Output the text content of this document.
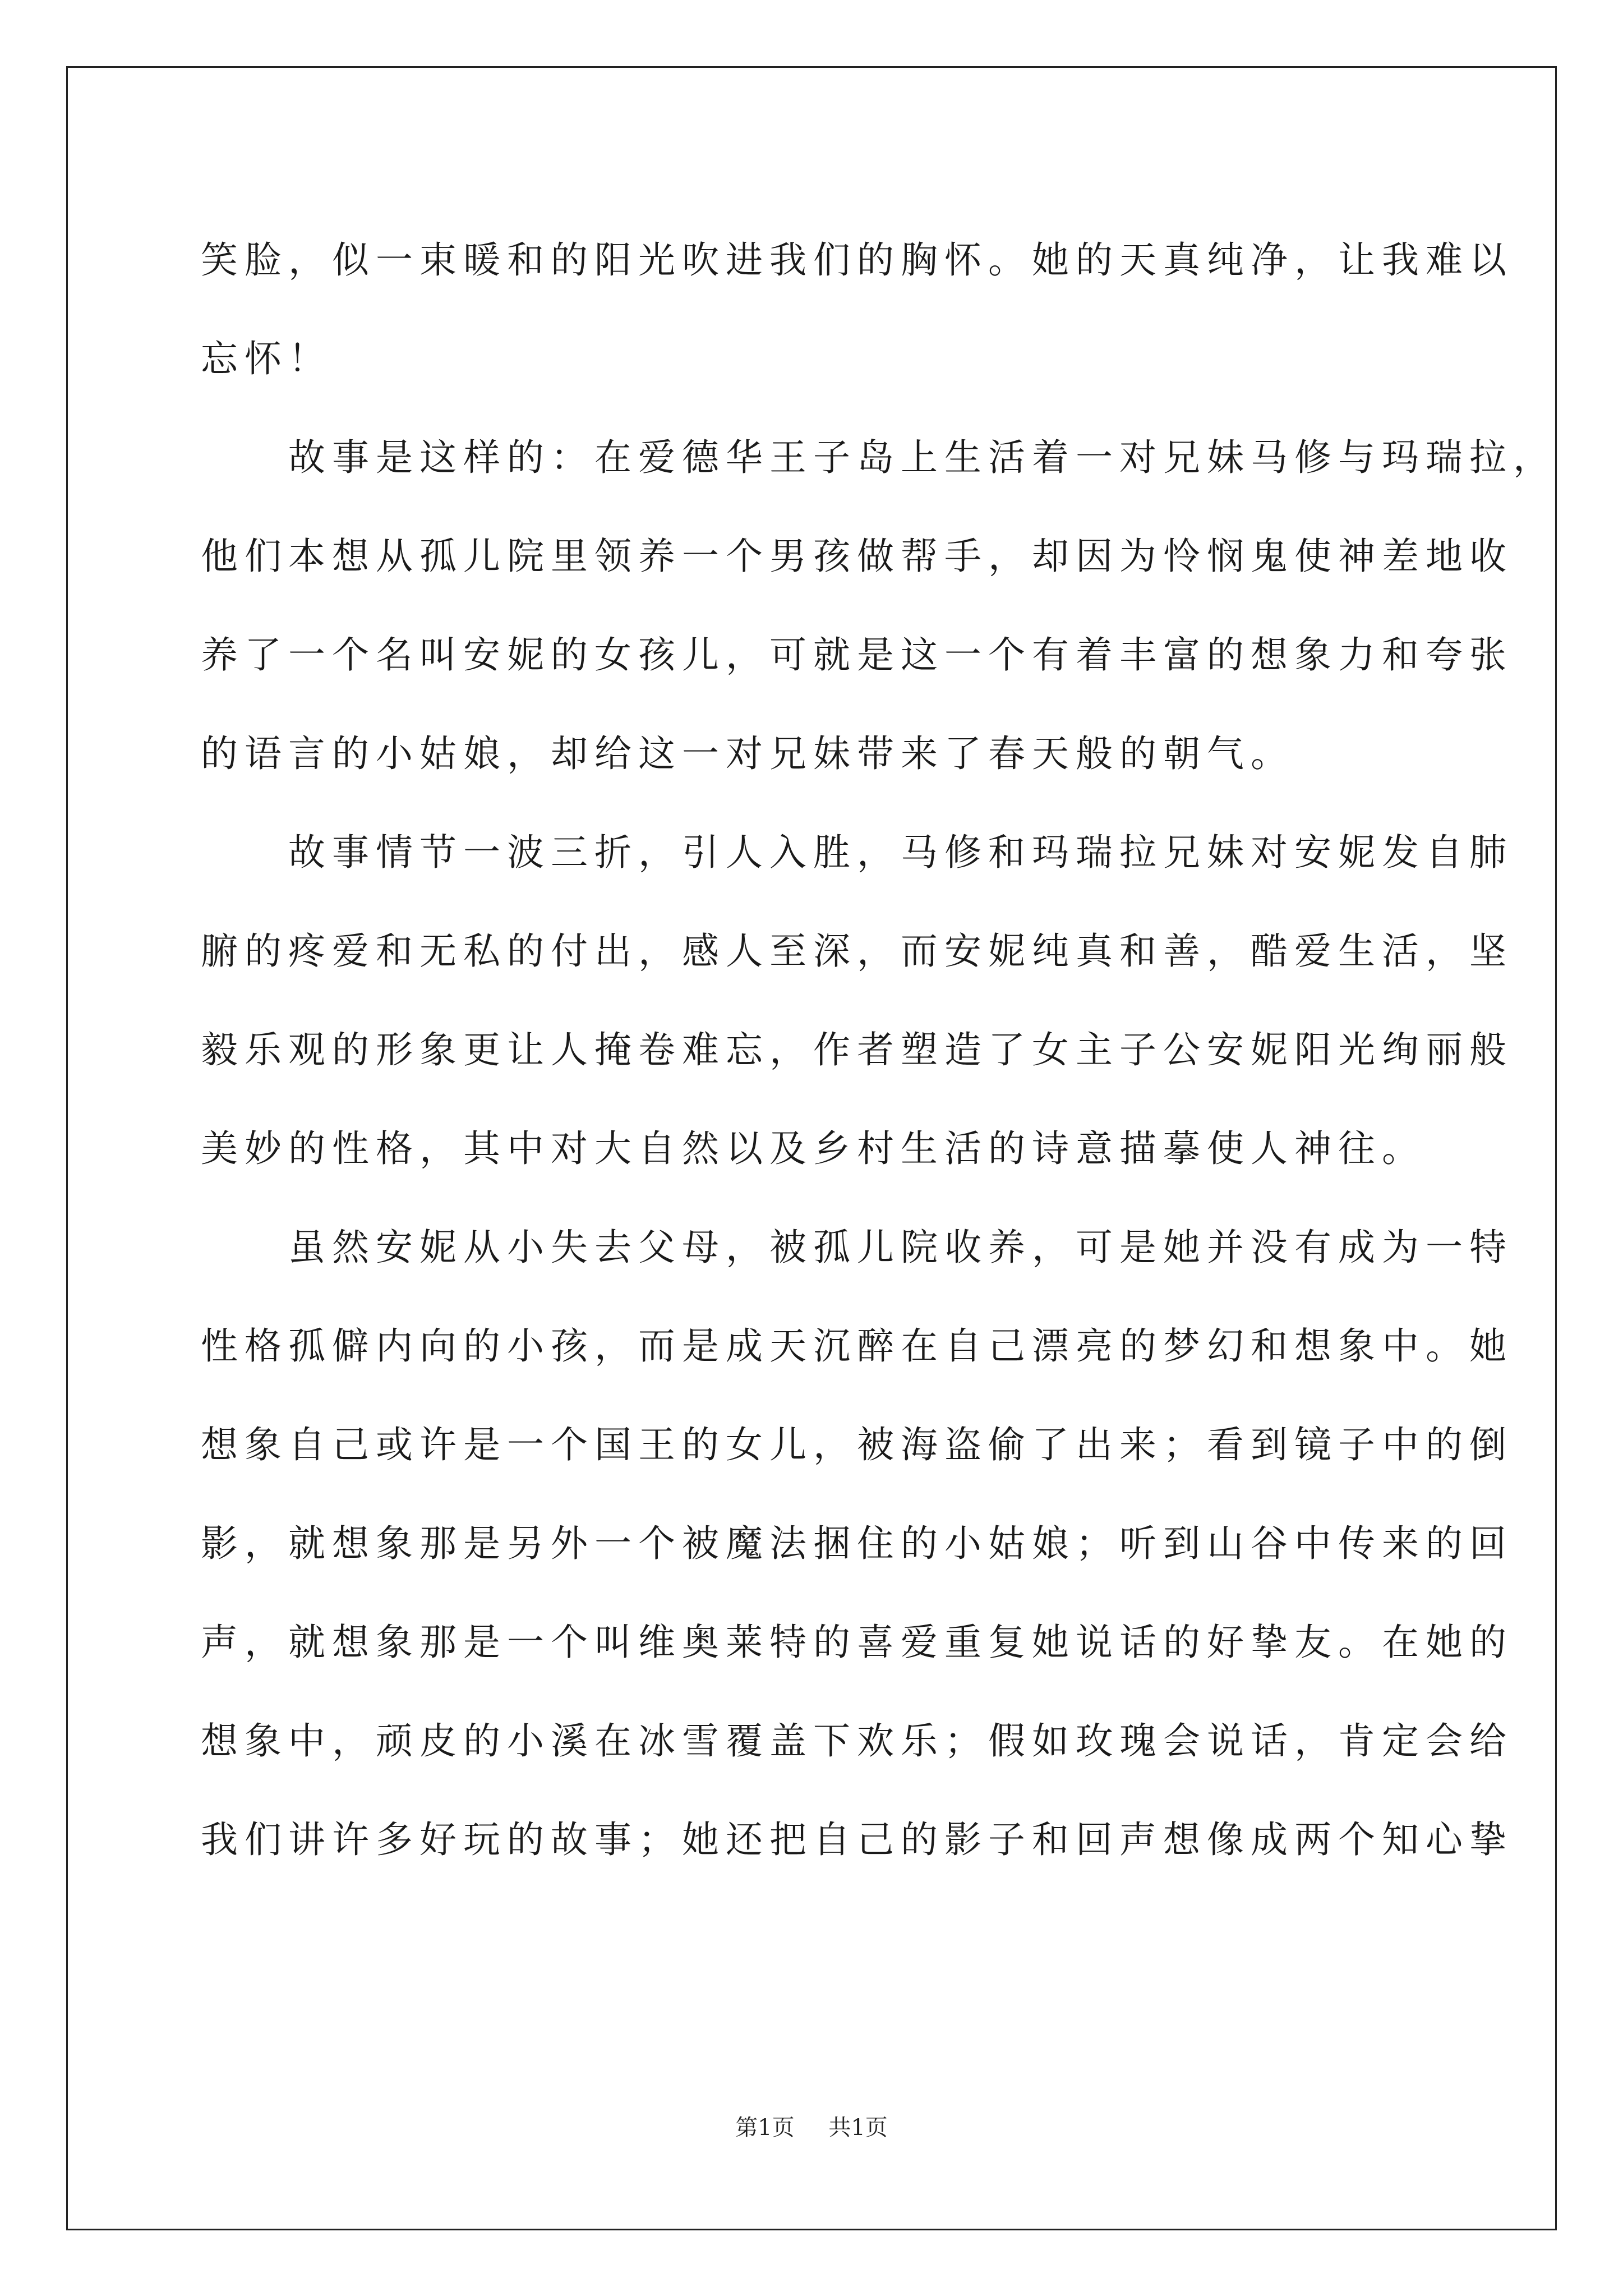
笑脸，似一束暖和的阳光吹进我们的胸怀。她的天真纯净，让我难以
忘怀！
故事是这样的：在爱德华王子岛上生活着一对兄妹马修与玛瑞拉，
他们本想从孤儿院里领养一个男孩做帮手，却因为怜悯鬼使神差地收
养了一个名叫安妮的女孩儿，可就是这一个有着丰富的想象力和夸张
的语言的小姑娘，却给这一对兄妹带来了春天般的朝气。
故事情节一波三折，引人入胜，马修和玛瑞拉兄妹对安妮发自肺
腑的疼爱和无私的付出，感人至深，而安妮纯真和善，酷爱生活，坚
毅乐观的形象更让人掩卷难忘，作者塑造了女主子公安妮阳光绚丽般
美妙的性格，其中对大自然以及乡村生活的诗意描摹使人神往。
虽然安妮从小失去父母，被孤儿院收养，可是她并没有成为一特
性格孤僻内向的小孩，而是成天沉醉在自己漂亮的梦幻和想象中。她
想象自己或许是一个国王的女儿，被海盗偷了出来；看到镜子中的倒
影，就想象那是另外一个被魔法捆住的小姑娘；听到山谷中传来的回
声，就想象那是一个叫维奥莱特的喜爱重复她说话的好挚友。在她的
想象中，顽皮的小溪在冰雪覆盖下欢乐；假如玫瑰会说话，肯定会给
我们讲许多好玩的故事；她还把自己的影子和回声想像成两个知心挚
第1页 共1页
